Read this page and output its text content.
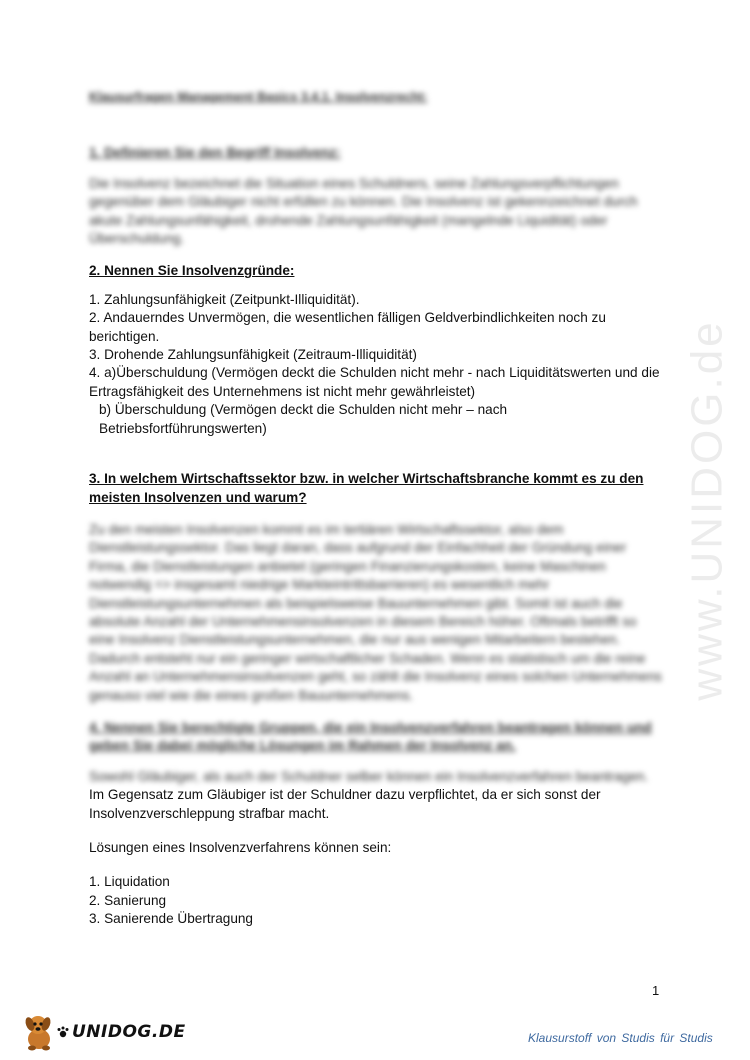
www.UNIDOG.de

Klausurfragen Management Basics 3.4.1. Insolvenzrecht:

1. Definieren Sie den Begriff Insolvenz:

Die Insolvenz bezeichnet die Situation eines Schuldners, seine Zahlungsverpflichtungen gegenüber dem Gläubiger nicht erfüllen zu können. Die Insolvenz ist gekennzeichnet durch akute Zahlungsunfähigkeit, drohende Zahlungsunfähigkeit (mangelnde Liquidität) oder Überschuldung.

2. Nennen Sie Insolvenzgründe:

1. Zahlungsunfähigkeit (Zeitpunkt-Illiquidität).
2. Andauerndes Unvermögen, die wesentlichen fälligen Geldverbindlichkeiten noch zu berichtigen.
3. Drohende Zahlungsunfähigkeit (Zeitraum-Illiquidität)
4. a)Überschuldung (Vermögen deckt die Schulden nicht mehr - nach Liquiditätswerten und die Ertragsfähigkeit des Unternehmens ist nicht mehr gewährleistet)
b) Überschuldung (Vermögen deckt die Schulden nicht mehr – nach Betriebsfortführungswerten)

3. In welchem Wirtschaftssektor bzw. in welcher Wirtschaftsbranche kommt es zu den meisten Insolvenzen und warum?

Zu den meisten Insolvenzen kommt es im tertiären Wirtschaftssektor, also dem Dienstleistungssektor. Das liegt daran, dass aufgrund der Einfachheit der Gründung einer Firma, die Dienstleistungen anbietet (geringen Finanzierungskosten, keine Maschinen notwendig => insgesamt niedrige Markteintrittsbarrieren) es wesentlich mehr Dienstleistungsunternehmen als beispielsweise Bauunternehmen gibt. Somit ist auch die absolute Anzahl der Unternehmensinsolvenzen in diesem Bereich höher. Oftmals betrifft so eine Insolvenz Dienstleistungsunternehmen, die nur aus wenigen Mitarbeitern bestehen. Dadurch entsteht nur ein geringer wirtschaftlicher Schaden. Wenn es statistisch um die reine Anzahl an Unternehmensinsolvenzen geht, so zählt die Insolvenz eines solchen Unternehmens genauso viel wie die eines großen Bauunternehmens.

4. Nennen Sie berechtigte Gruppen, die ein Insolvenzverfahren beantragen können und geben Sie dabei mögliche Lösungen im Rahmen der Insolvenz an.

Sowohl Gläubiger, als auch der Schuldner selber können ein Insolvenzverfahren beantragen.

Im Gegensatz zum Gläubiger ist der Schuldner dazu verpflichtet, da er sich sonst der Insolvenzverschleppung strafbar macht.

Lösungen eines Insolvenzverfahrens können sein:

1. Liquidation
2. Sanierung
3. Sanierende Übertragung
1
UNIDOG.DE	Klausurstoff von Studis für Studis
